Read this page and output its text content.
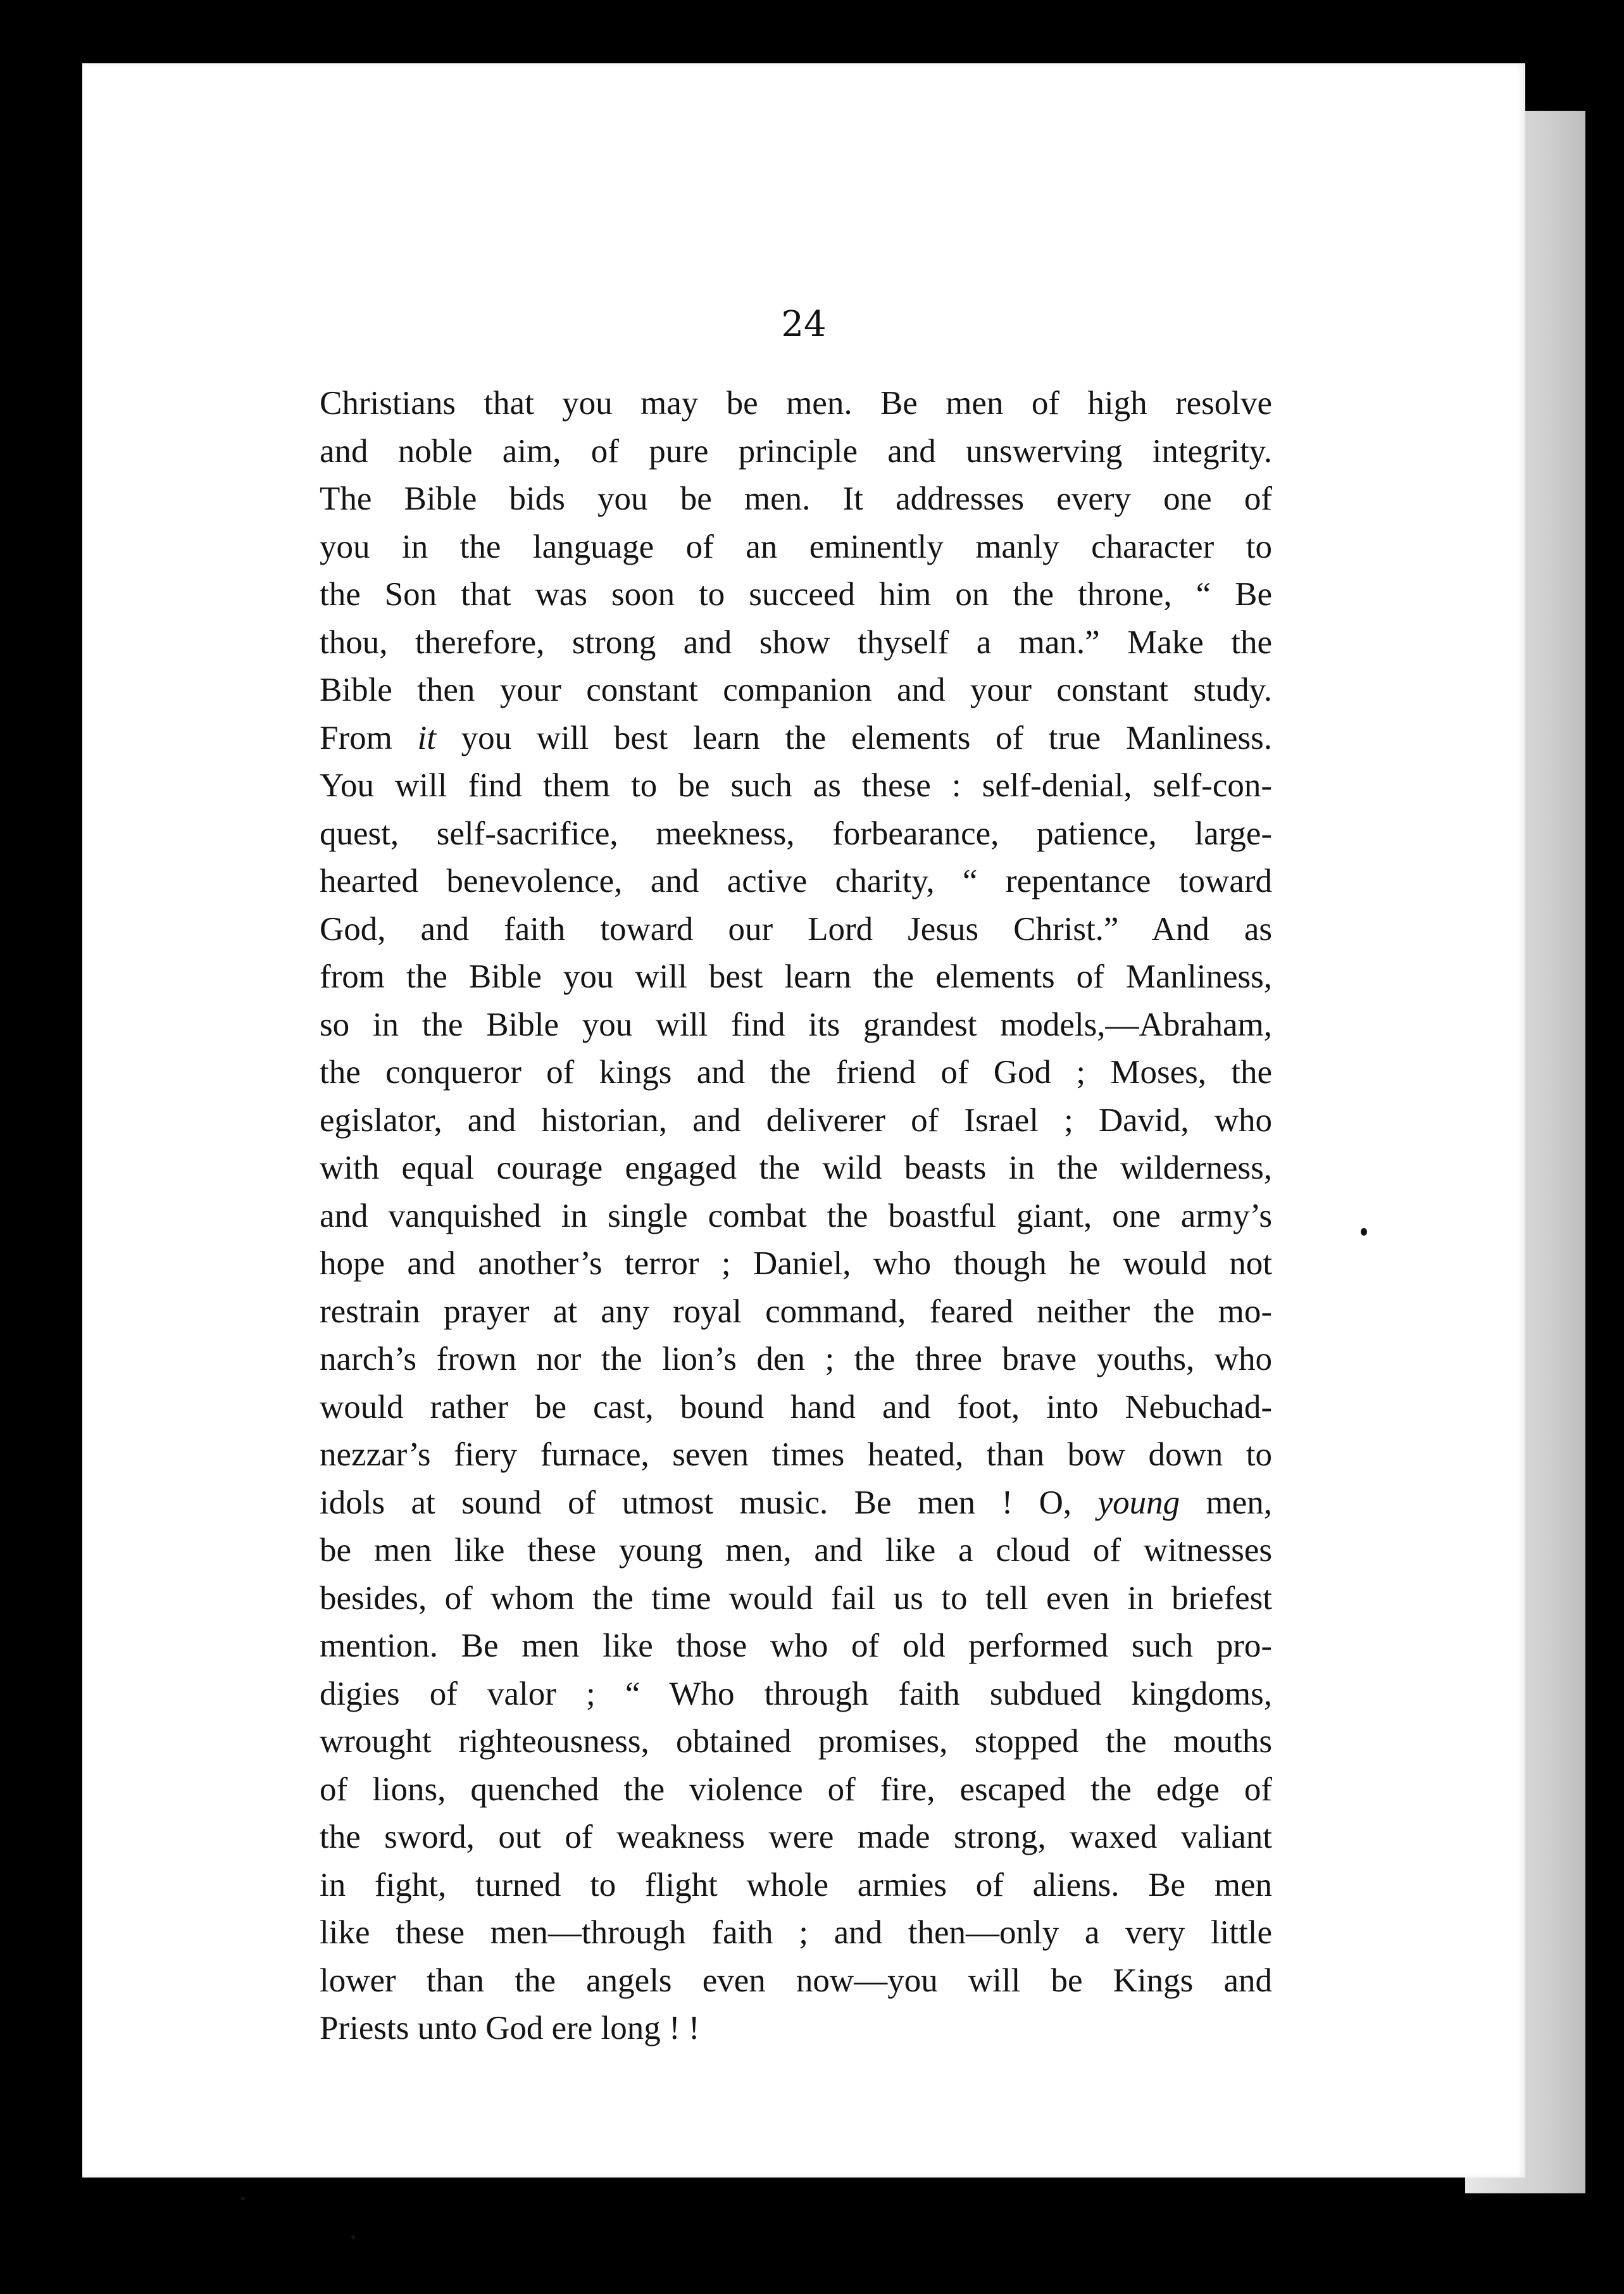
24
Christians that you may be men. Be men of high resolve
and noble aim, of pure principle and unswerving integrity.
The Bible bids you be men. It addresses every one of
you in the language of an eminently manly character to
the Son that was soon to succeed him on the throne, “ Be
thou, therefore, strong and show thyself a man.” Make the
Bible then your constant companion and your constant study.
From it you will best learn the elements of true Manliness.
You will find them to be such as these : self-denial, self-con-
quest, self-sacrifice, meekness, forbearance, patience, large-
hearted benevolence, and active charity, “ repentance toward
God, and faith toward our Lord Jesus Christ.” And as
from the Bible you will best learn the elements of Manliness,
so in the Bible you will find its grandest models,—Abraham,
the conqueror of kings and the friend of God ; Moses, the
egislator, and historian, and deliverer of Israel ; David, who
with equal courage engaged the wild beasts in the wilderness,
and vanquished in single combat the boastful giant, one army’s
hope and another’s terror ; Daniel, who though he would not
restrain prayer at any royal command, feared neither the mo-
narch’s frown nor the lion’s den ; the three brave youths, who
would rather be cast, bound hand and foot, into Nebuchad-
nezzar’s fiery furnace, seven times heated, than bow down to
idols at sound of utmost music. Be men ! O, young men,
be men like these young men, and like a cloud of witnesses
besides, of whom the time would fail us to tell even in briefest
mention. Be men like those who of old performed such pro-
digies of valor ; “ Who through faith subdued kingdoms,
wrought righteousness, obtained promises, stopped the mouths
of lions, quenched the violence of fire, escaped the edge of
the sword, out of weakness were made strong, waxed valiant
in fight, turned to flight whole armies of aliens. Be men
like these men—through faith ; and then—only a very little
lower than the angels even now—you will be Kings and
Priests unto God ere long ! !
